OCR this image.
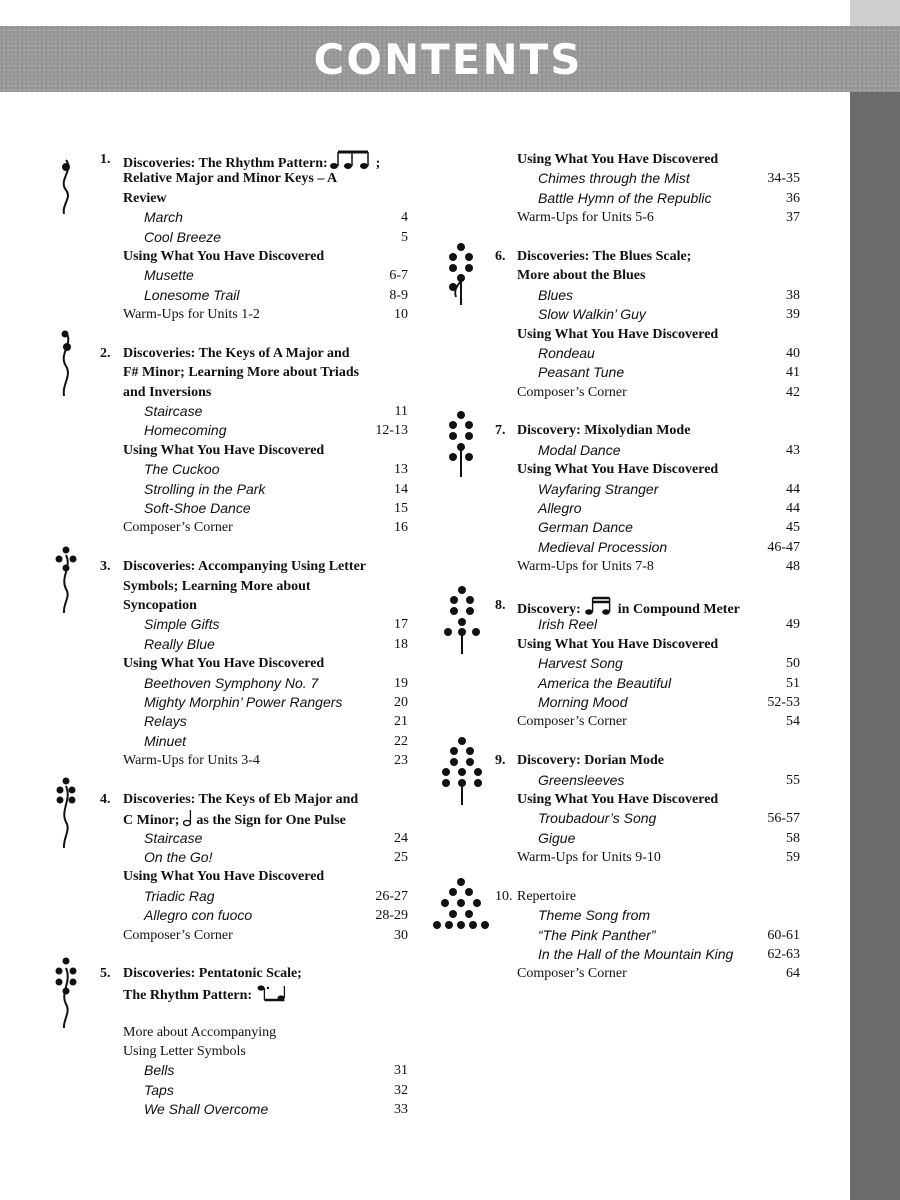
CONTENTS
1. Discoveries: The Rhythm Pattern:	;
Relative Major and Minor Keys – A
Review
March	4
Cool Breeze	5
Using What You Have Discovered
Musette	6-7
Lonesome Trail	8-9
Warm-Ups for Units 1-2	10
2. Discoveries: The Keys of A Major and
F# Minor; Learning More about Triads
and Inversions
Staircase	11
Homecoming	12-13
Using What You Have Discovered
The Cuckoo	13
Strolling in the Park	14
Soft-Shoe Dance	15
Composer’s Corner	16
3. Discoveries: Accompanying Using Letter
Symbols; Learning More about
Syncopation
Simple Gifts	17
Really Blue	18
Using What You Have Discovered
Beethoven Symphony No. 7	19
Mighty Morphin’ Power Rangers	20
Relays	21
Minuet	22
Warm-Ups for Units 3-4	23
4. Discoveries: The Keys of Eb Major and
C Minor; as the Sign for One Pulse
Staircase	24
On the Go!	25
Using What You Have Discovered
Triadic Rag	26-27
Allegro con fuoco	28-29
Composer’s Corner	30
5. Discoveries: Pentatonic Scale;
The Rhythm Pattern:
More about Accompanying
Using Letter Symbols
Bells	31
Taps	32
We Shall Overcome	33
Using What You Have Discovered
Chimes through the Mist	34-35
Battle Hymn of the Republic	36
Warm-Ups for Units 5-6	37
6. Discoveries: The Blues Scale;
More about the Blues
Blues	38
Slow Walkin’ Guy	39
Using What You Have Discovered
Rondeau	40
Peasant Tune	41
Composer’s Corner	42
7. Discovery: Mixolydian Mode
Modal Dance	43
Using What You Have Discovered
Wayfaring Stranger	44
Allegro	44
German Dance	45
Medieval Procession	46-47
Warm-Ups for Units 7-8	48
8. Discovery:	in Compound Meter
Irish Reel	49
Using What You Have Discovered
Harvest Song	50
America the Beautiful	51
Morning Mood	52-53
Composer’s Corner	54
9. Discovery: Dorian Mode
Greensleeves	55
Using What You Have Discovered
Troubadour’s Song	56-57
Gigue	58
Warm-Ups for Units 9-10	59
10. Repertoire
Theme Song from
“The Pink Panther”	60-61
In the Hall of the Mountain King 62-63
Composer’s Corner	64
